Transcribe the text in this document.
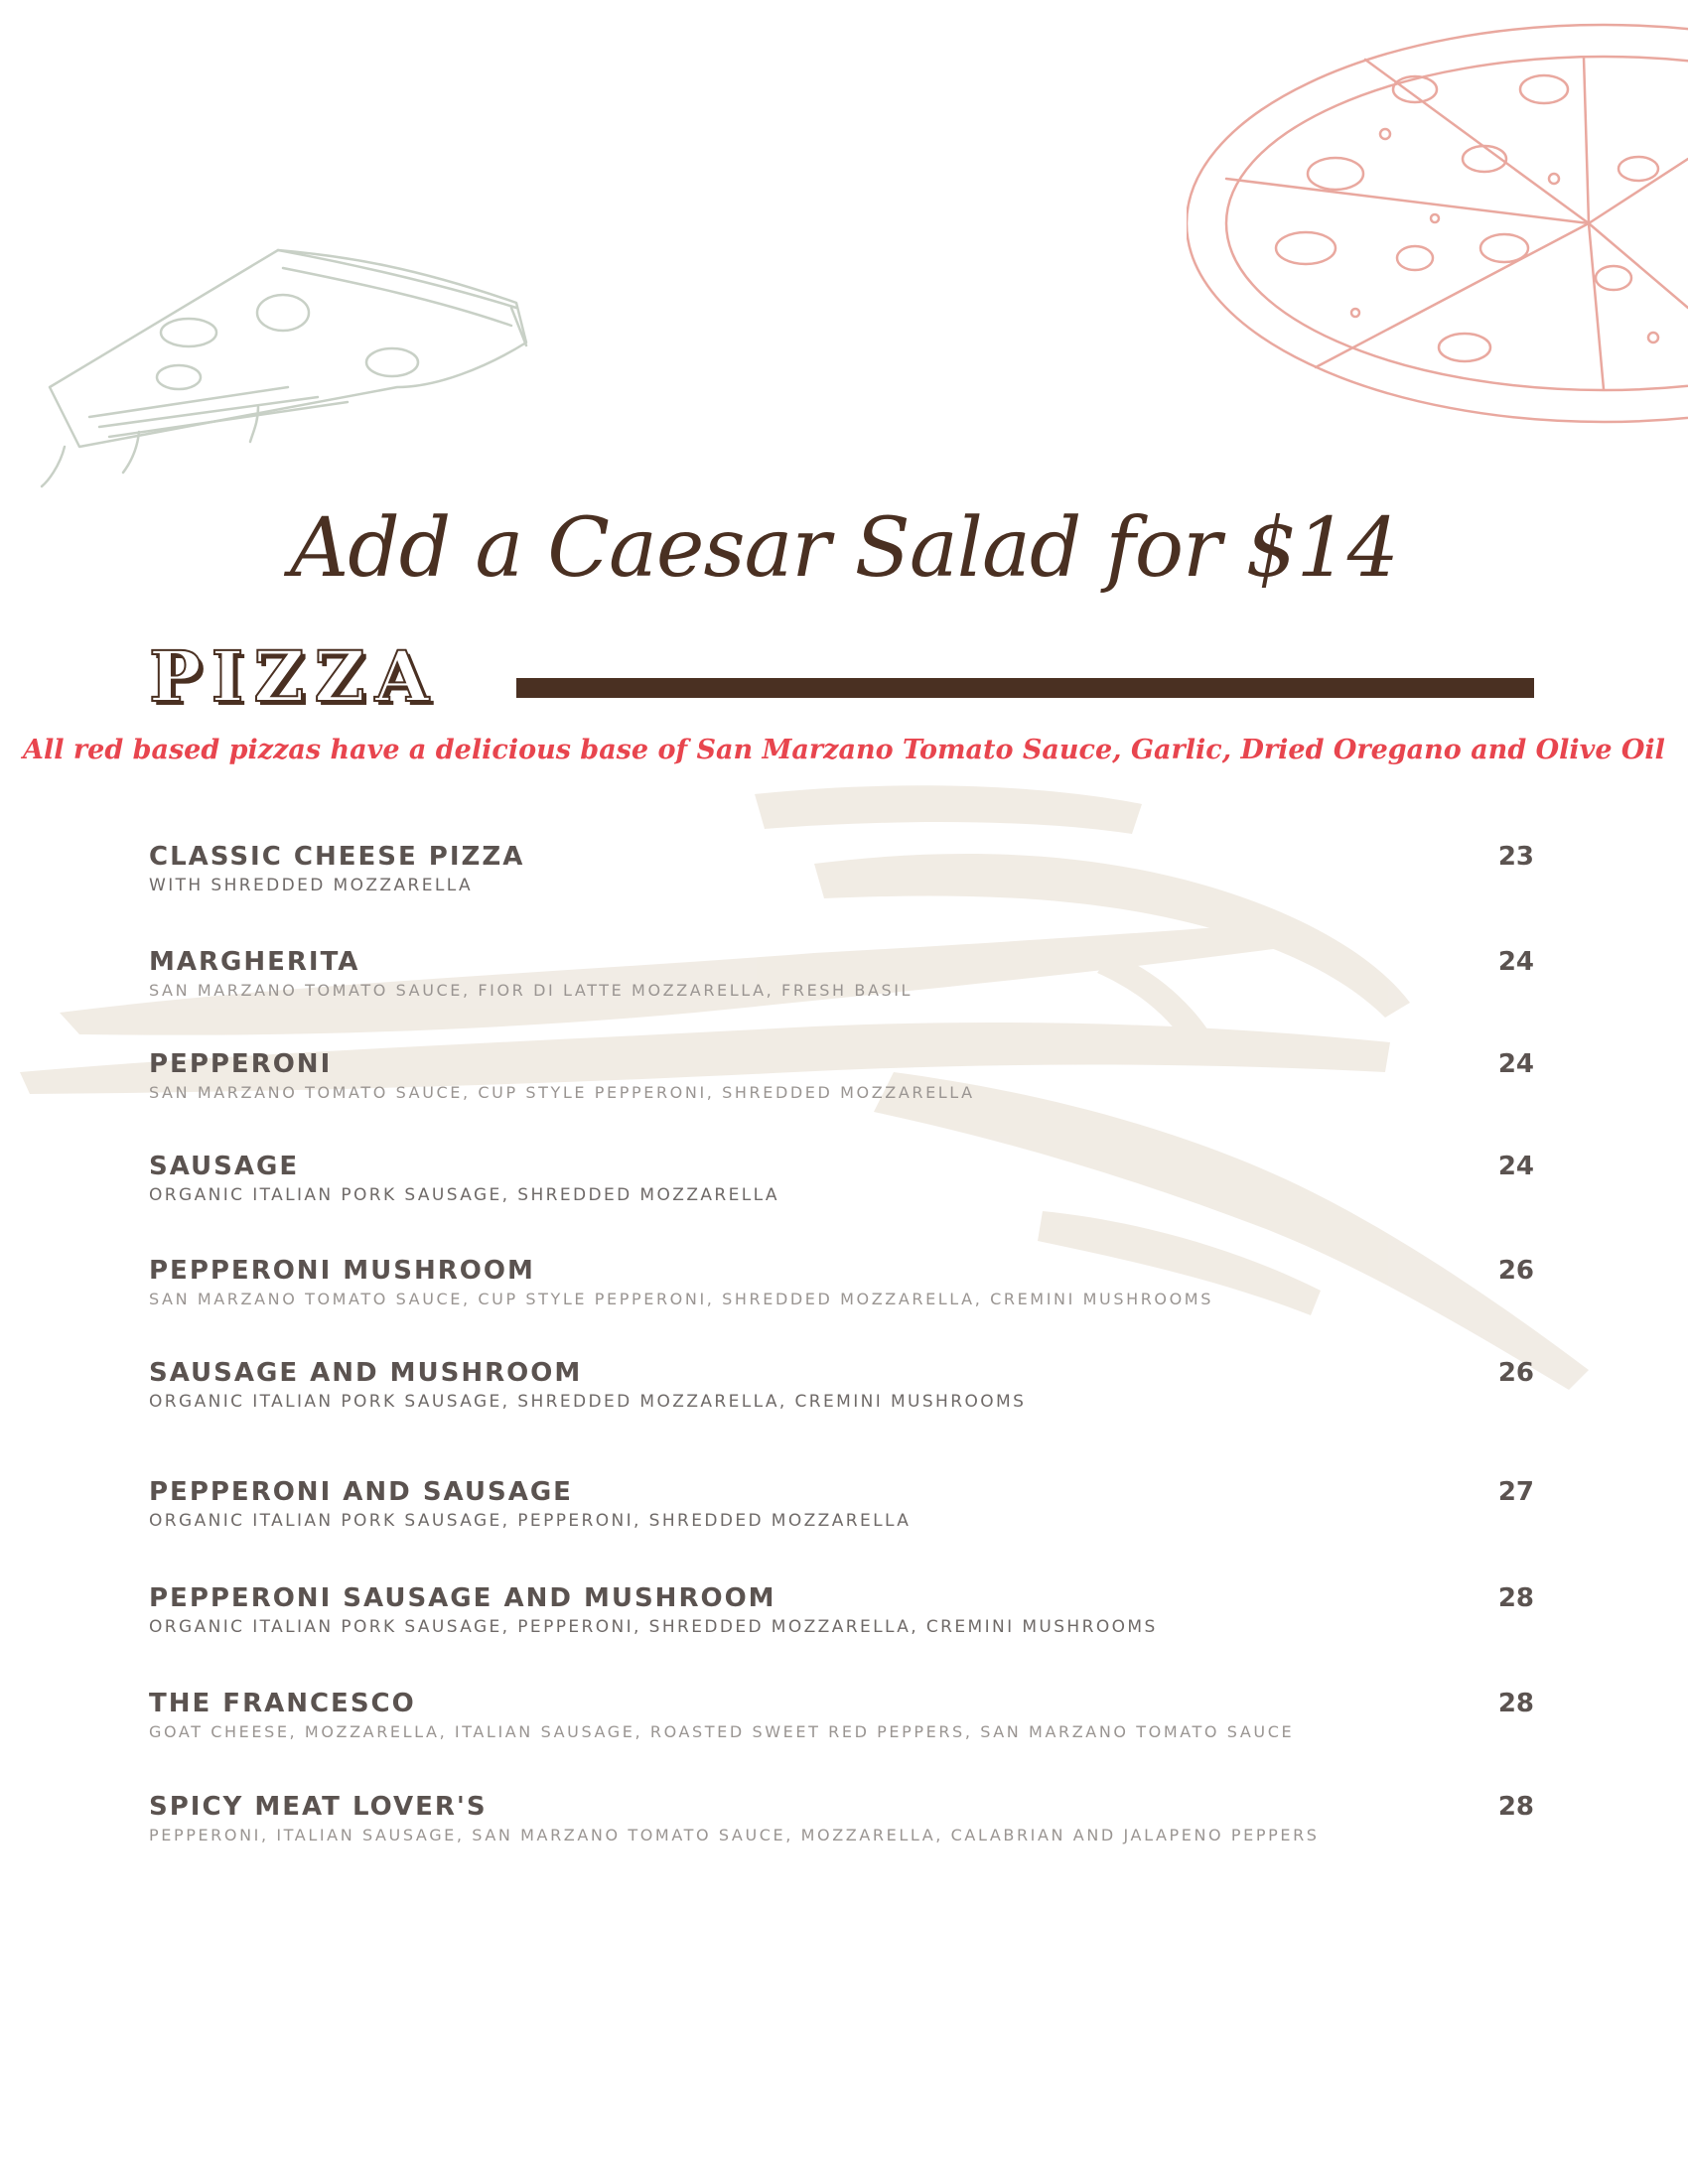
Add a Caesar Salad for $14
PIZZA
All red based pizzas have a delicious base of San Marzano Tomato Sauce, Garlic, Dried Oregano and Olive Oil
CLASSIC CHEESE PIZZA
WITH SHREDDED MOZZARELLA
23
MARGHERITA
SAN MARZANO TOMATO SAUCE, FIOR DI LATTE MOZZARELLA, FRESH BASIL
24
PEPPERONI
SAN MARZANO TOMATO SAUCE, CUP STYLE PEPPERONI, SHREDDED MOZZARELLA
24
SAUSAGE
ORGANIC ITALIAN PORK SAUSAGE, SHREDDED MOZZARELLA
24
PEPPERONI MUSHROOM
SAN MARZANO TOMATO SAUCE, CUP STYLE PEPPERONI, SHREDDED MOZZARELLA, CREMINI MUSHROOMS
26
SAUSAGE AND MUSHROOM
ORGANIC ITALIAN PORK SAUSAGE, SHREDDED MOZZARELLA, CREMINI MUSHROOMS
26
PEPPERONI AND SAUSAGE
ORGANIC ITALIAN PORK SAUSAGE, PEPPERONI, SHREDDED MOZZARELLA
27
PEPPERONI SAUSAGE AND MUSHROOM
ORGANIC ITALIAN PORK SAUSAGE, PEPPERONI, SHREDDED MOZZARELLA, CREMINI MUSHROOMS
28
THE FRANCESCO
GOAT CHEESE, MOZZARELLA, ITALIAN SAUSAGE, ROASTED SWEET RED PEPPERS, SAN MARZANO TOMATO SAUCE
28
SPICY MEAT LOVER'S
PEPPERONI, ITALIAN SAUSAGE, SAN MARZANO TOMATO SAUCE, MOZZARELLA, CALABRIAN AND JALAPENO PEPPERS
28
